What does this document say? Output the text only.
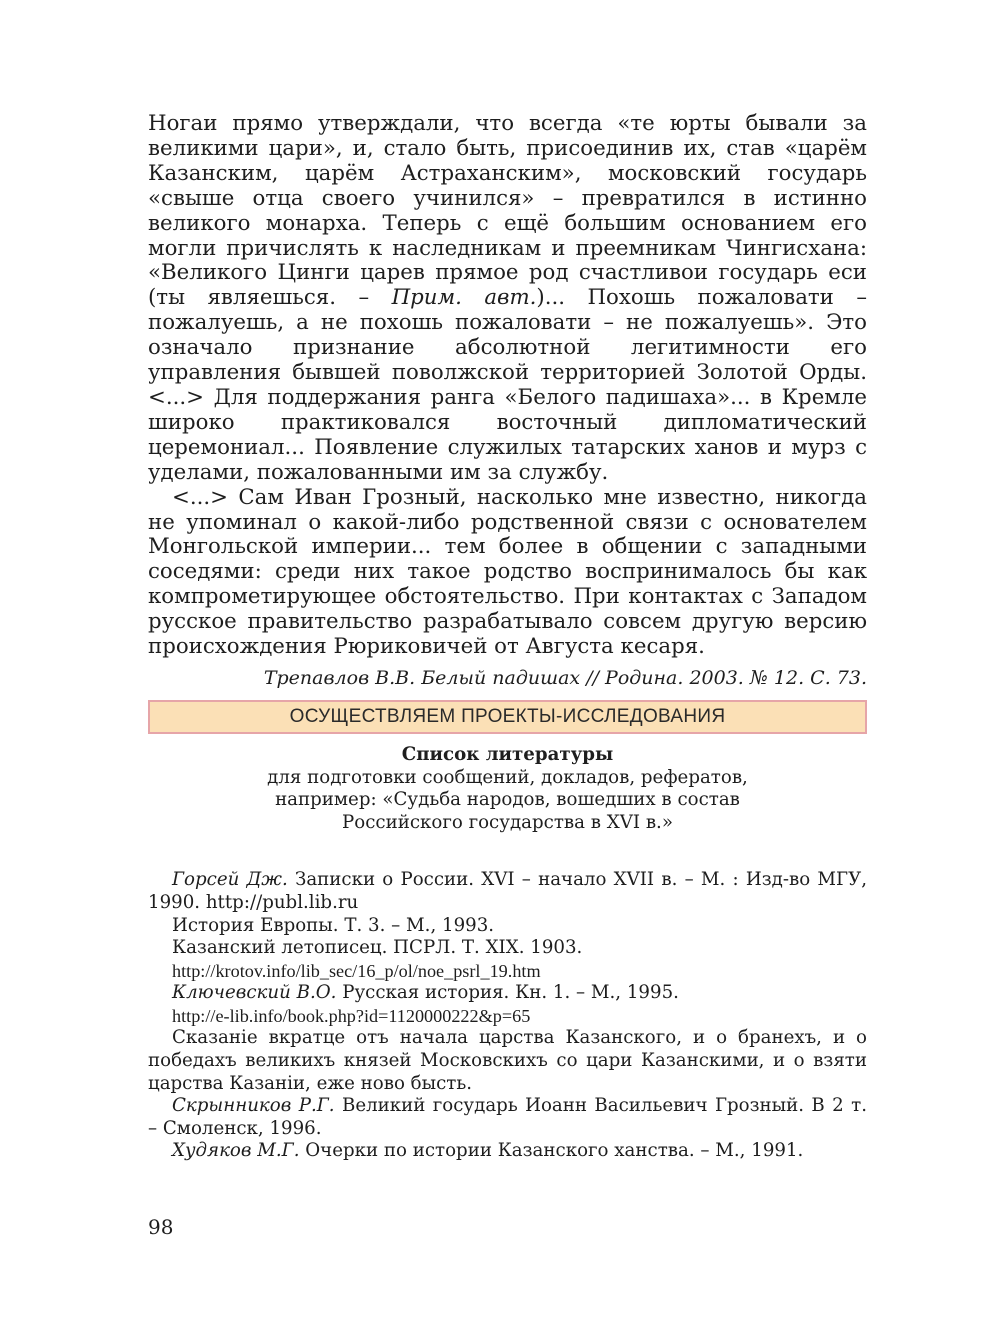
Ногаи прямо утверждали, что всегда «те юрты бывали за великими цари», и, стало быть, присоединив их, став «царём Казанским, царём Астраханским», московский государь «свыше отца своего учинился» – превратился в истинно великого монарха. Теперь с ещё большим основанием его могли причислять к наследникам и преемникам Чингисхана: «Великого Цинги царев прямое род счастливои государь еси (ты являешься. – Прим. авт.)... Похошь пожаловати – пожалуешь, а не похошь пожаловати – не пожалуешь». Это означало признание абсолютной легитимности его управления бывшей поволжской территорией Золотой Орды. <...> Для поддержания ранга «Белого падишаха»... в Кремле широко практиковался восточный дипломатический церемониал... Появление служилых татарских ханов и мурз с уделами, пожалованными им за службу.

<...> Сам Иван Грозный, насколько мне известно, никогда не упоминал о какой-либо родственной связи с основателем Монгольской империи... тем более в общении с западными соседями: среди них такое родство воспринималось бы как компрометирующее обстоятельство. При контактах с Западом русское правительство разрабатывало совсем другую версию происхождения Рюриковичей от Августа кесаря.

Трепавлов В.В. Белый падишах // Родина. 2003. № 12. С. 73.
ОСУЩЕСТВЛЯЕМ ПРОЕКТЫ-ИССЛЕДОВАНИЯ
Список литературы
для подготовки сообщений, докладов, рефератов,
например: «Судьба народов, вошедших в состав
Российского государства в XVI в.»

Горсей Дж. Записки о России. XVI – начало XVII в. – М. : Изд-во МГУ, 1990. http://publ.lib.ru

История Европы. Т. 3. – М., 1993.

Казанский летописец. ПСРЛ. Т. XIX. 1903.

http://krotov.info/lib_sec/16_p/ol/noe_psrl_19.htm

Ключевский В.О. Русская история. Кн. 1. – М., 1995.

http://e-lib.info/book.php?id=1120000222&p=65

Сказанiе вкратце отъ начала царства Казанского, и о бранехъ, и о победахъ великихъ князей Московскихъ со цари Казанскими, и о взяти царства Казанiи, еже ново бысть.

Скрынников Р.Г. Великий государь Иоанн Васильевич Грозный. В 2 т. – Смоленск, 1996.

Худяков М.Г. Очерки по истории Казанского ханства. – М., 1991.

98
